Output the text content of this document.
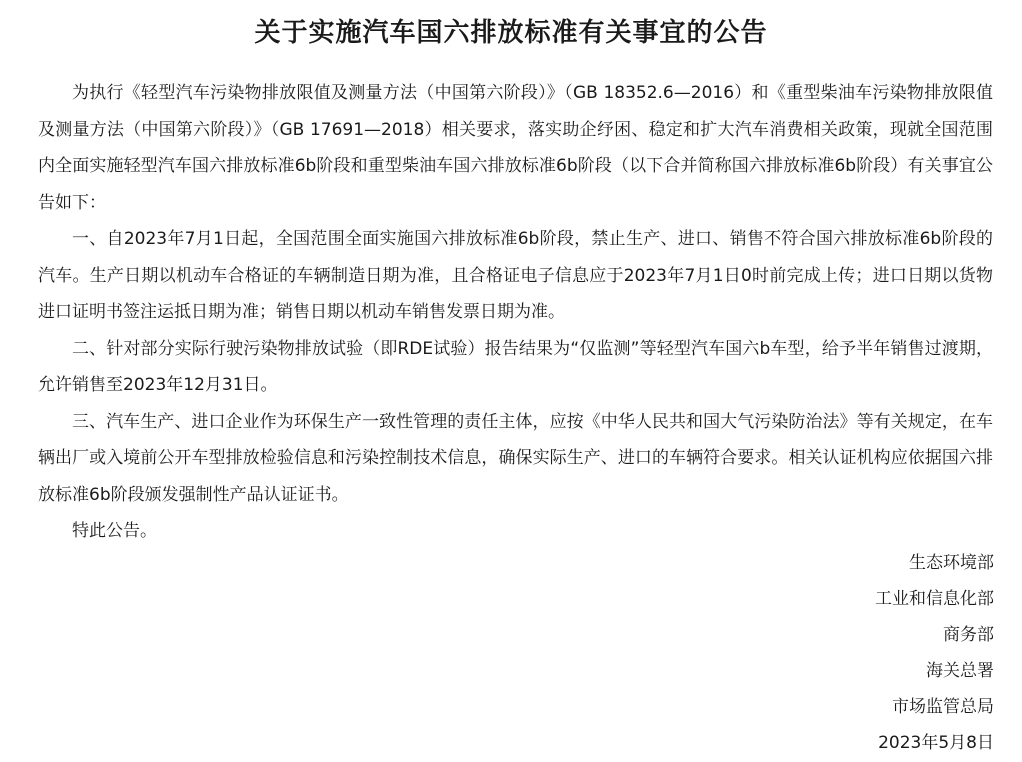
关于实施汽车国六排放标准有关事宜的公告

为执行《轻型汽车污染物排放限值及测量方法（中国第六阶段）》（GB 18352.6—2016）和《重型柴油车污染物排放限值及测量方法（中国第六阶段）》（GB 17691—2018）相关要求，落实助企纾困、稳定和扩大汽车消费相关政策，现就全国范围内全面实施轻型汽车国六排放标准6b阶段和重型柴油车国六排放标准6b阶段（以下合并简称国六排放标准6b阶段）有关事宜公告如下：

一、自2023年7月1日起，全国范围全面实施国六排放标准6b阶段，禁止生产、进口、销售不符合国六排放标准6b阶段的汽车。生产日期以机动车合格证的车辆制造日期为准，且合格证电子信息应于2023年7月1日0时前完成上传；进口日期以货物进口证明书签注运抵日期为准；销售日期以机动车销售发票日期为准。

二、针对部分实际行驶污染物排放试验（即RDE试验）报告结果为“仅监测”等轻型汽车国六b车型，给予半年销售过渡期，允许销售至2023年12月31日。

三、汽车生产、进口企业作为环保生产一致性管理的责任主体，应按《中华人民共和国大气污染防治法》等有关规定，在车辆出厂或入境前公开车型排放检验信息和污染控制技术信息，确保实际生产、进口的车辆符合要求。相关认证机构应依据国六排放标准6b阶段颁发强制性产品认证证书。

特此公告。

生态环境部
工业和信息化部
商务部
海关总署
市场监管总局
2023年5月8日
